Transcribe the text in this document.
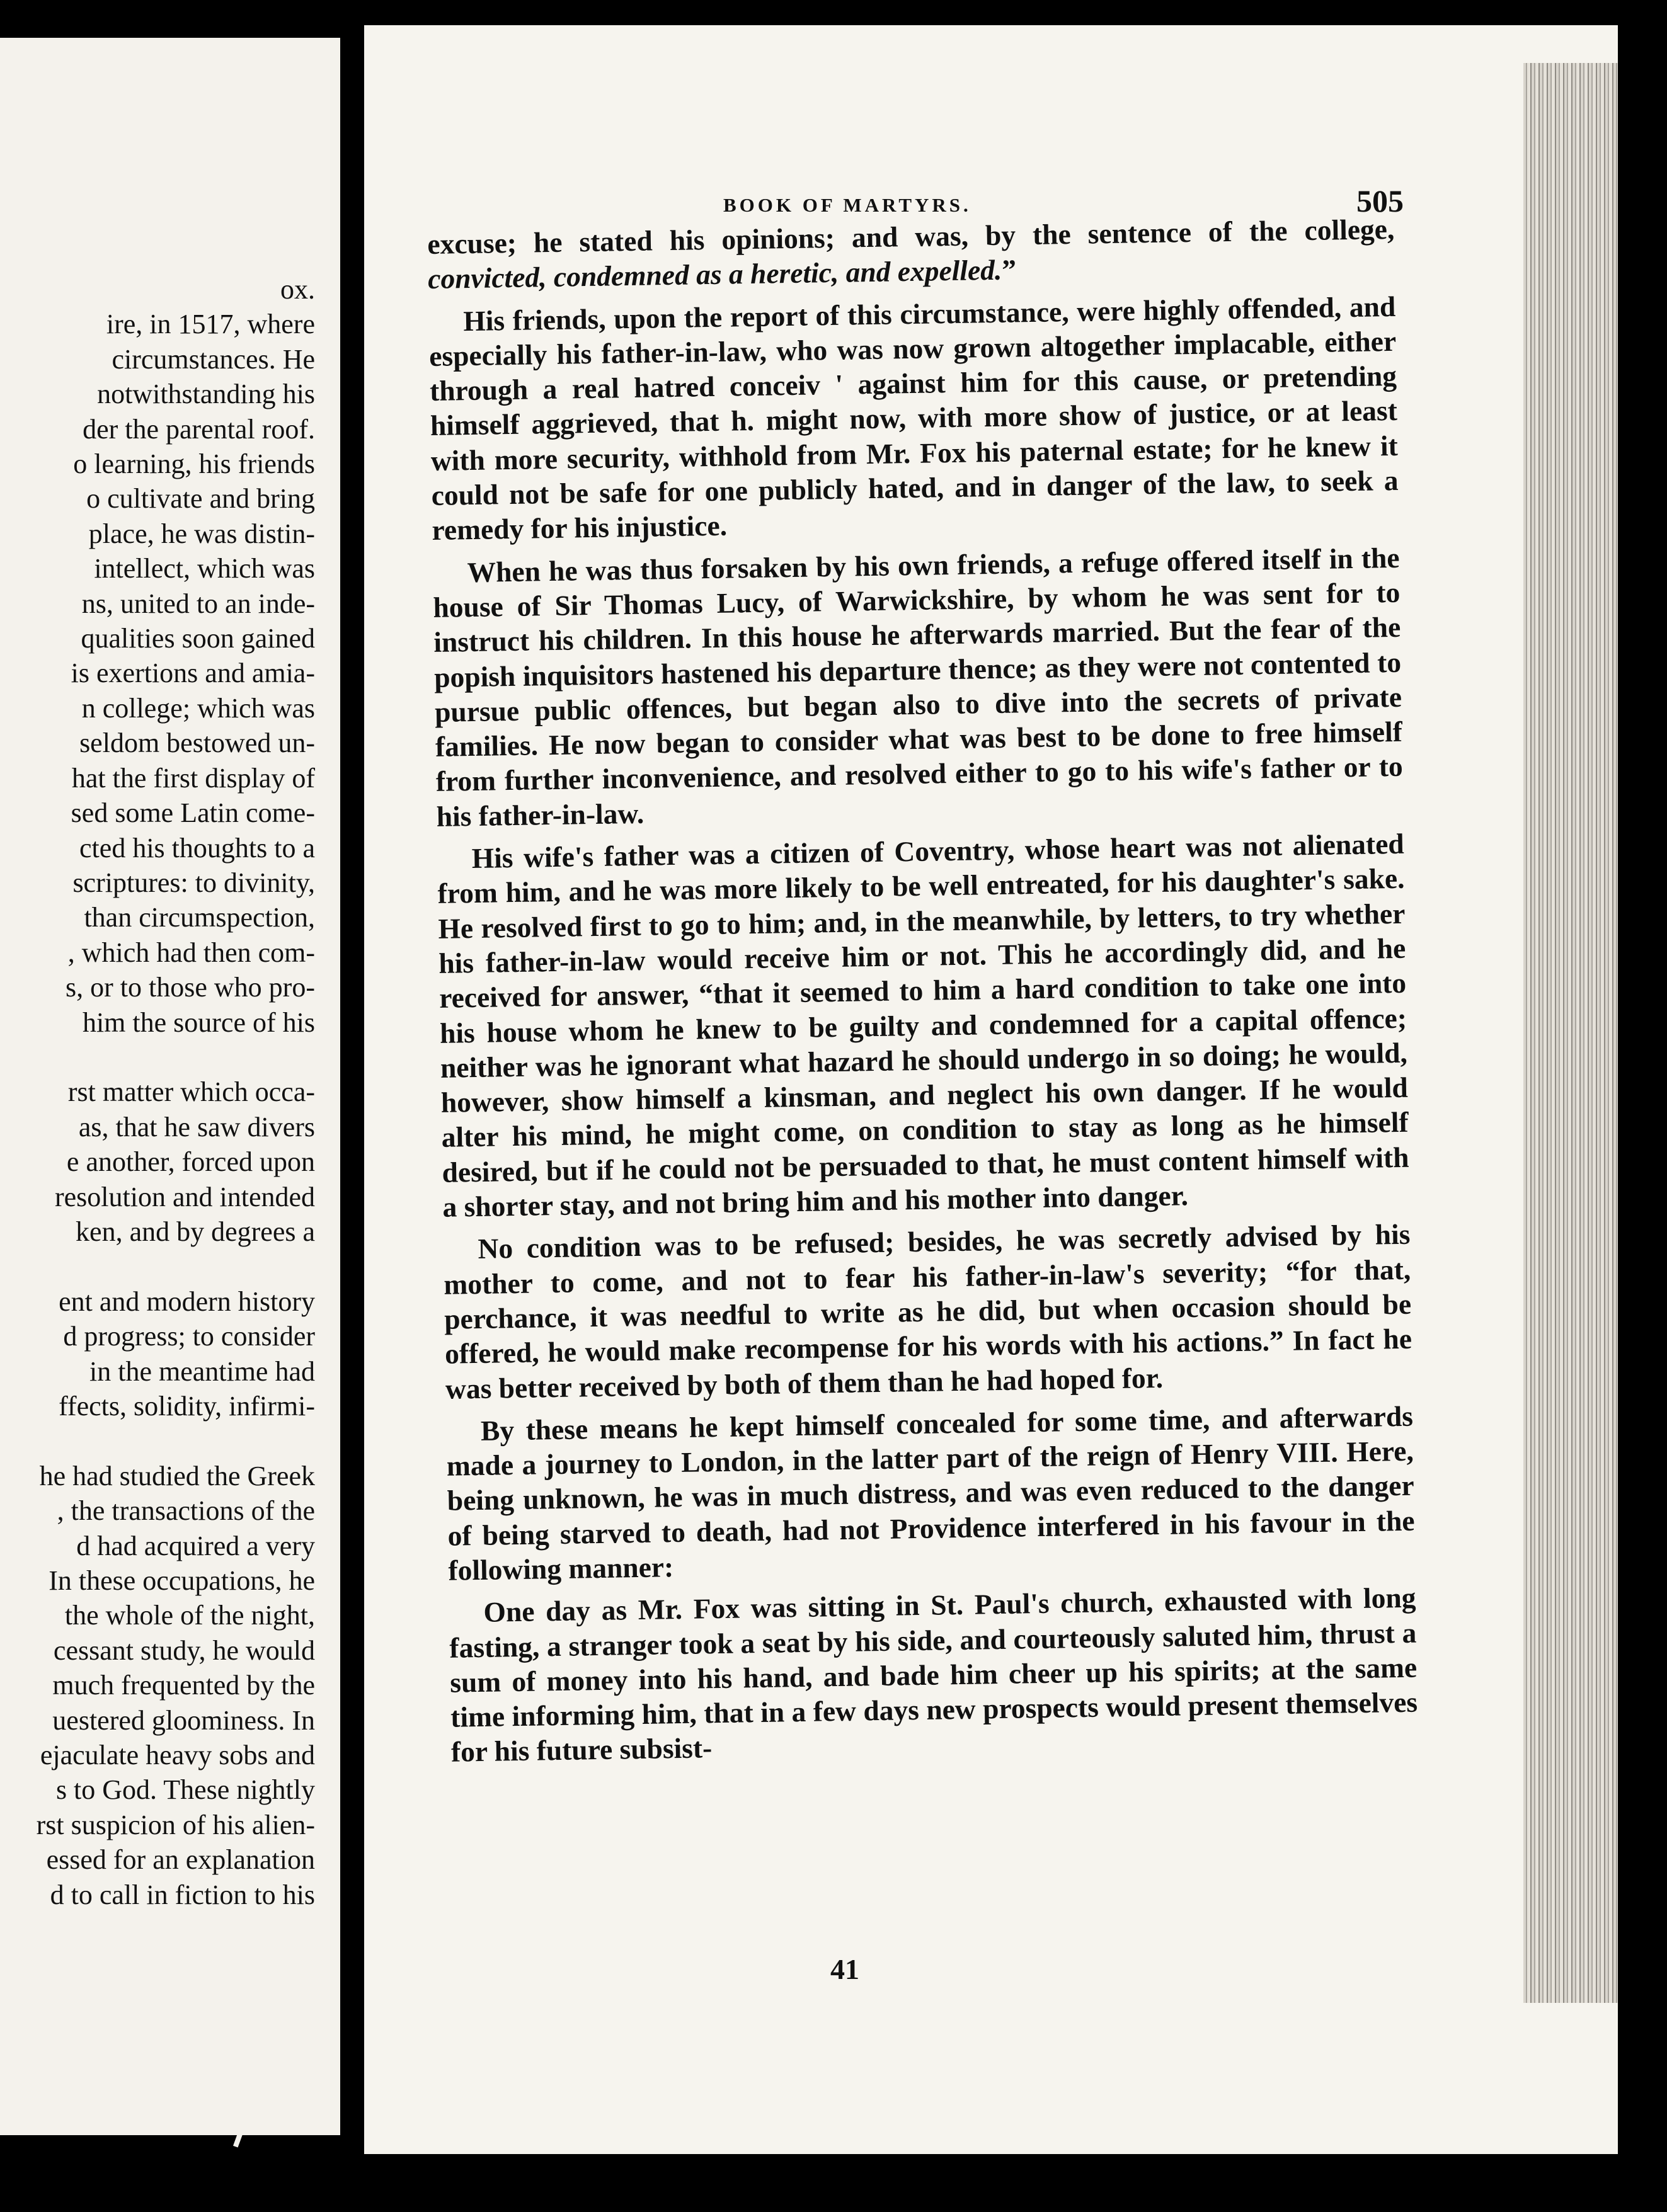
ox.
ire, in 1517, where
circumstances. He
notwithstanding his
der the parental roof.
o learning, his friends
o cultivate and bring
place, he was distin-
intellect, which was
ns, united to an inde-
qualities soon gained
is exertions and amia-
n college; which was
seldom bestowed un-
hat the first display of
sed some Latin come-
cted his thoughts to a
scriptures: to divinity,
than circumspection,
, which had then com-
s, or to those who pro-
him the source of his

rst matter which occa-
as, that he saw divers
e another, forced upon
resolution and intended
ken, and by degrees a

ent and modern history
d progress; to consider
in the meantime had
ffects, solidity, infirmi-

he had studied the Greek
, the transactions of the
d had acquired a very
In these occupations, he
the whole of the night,
cessant study, he would
much frequented by the
uestered gloominess. In
ejaculate heavy sobs and
s to God. These nightly
rst suspicion of his alien-
essed for an explanation
d to call in fiction to his
BOOK OF MARTYRS.	505

excuse; he stated his opinions; and was, by the sentence of the college, convicted, condemned as a heretic, and expelled.”

His friends, upon the report of this circumstance, were highly offended, and especially his father-in-law, who was now grown altogether implacable, either through a real hatred conceiv ' against him for this cause, or pretending himself aggrieved, that h. might now, with more show of justice, or at least with more security, withhold from Mr. Fox his paternal estate; for he knew it could not be safe for one publicly hated, and in danger of the law, to seek a remedy for his injustice.

When he was thus forsaken by his own friends, a refuge offered itself in the house of Sir Thomas Lucy, of Warwickshire, by whom he was sent for to instruct his children. In this house he afterwards married. But the fear of the popish inquisitors hastened his departure thence; as they were not contented to pursue public offences, but began also to dive into the secrets of private families. He now began to consider what was best to be done to free himself from further inconvenience, and resolved either to go to his wife's father or to his father-in-law.

His wife's father was a citizen of Coventry, whose heart was not alienated from him, and he was more likely to be well entreated, for his daughter's sake. He resolved first to go to him; and, in the meanwhile, by letters, to try whether his father-in-law would receive him or not. This he accordingly did, and he received for answer, “that it seemed to him a hard condition to take one into his house whom he knew to be guilty and condemned for a capital offence; neither was he ignorant what hazard he should undergo in so doing; he would, however, show himself a kinsman, and neglect his own danger. If he would alter his mind, he might come, on condition to stay as long as he himself desired, but if he could not be persuaded to that, he must content himself with a shorter stay, and not bring him and his mother into danger.

No condition was to be refused; besides, he was secretly advised by his mother to come, and not to fear his father-in-law's severity; “for that, perchance, it was needful to write as he did, but when occasion should be offered, he would make recompense for his words with his actions.” In fact he was better received by both of them than he had hoped for.

By these means he kept himself concealed for some time, and afterwards made a journey to London, in the latter part of the reign of Henry VIII. Here, being unknown, he was in much distress, and was even reduced to the danger of being starved to death, had not Providence interfered in his favour in the following manner:

One day as Mr. Fox was sitting in St. Paul's church, exhausted with long fasting, a stranger took a seat by his side, and courteously saluted him, thrust a sum of money into his hand, and bade him cheer up his spirits; at the same time informing him, that in a few days new prospects would present themselves for his future subsist-

41
